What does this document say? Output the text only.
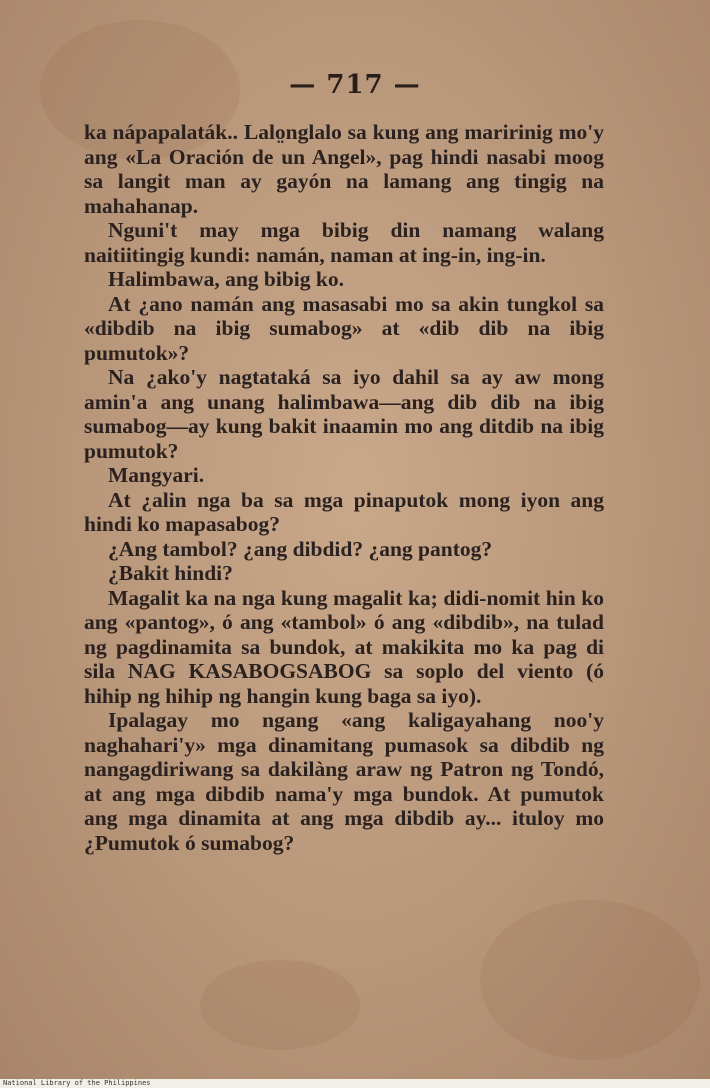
— 717 —

ka nápapalaták.. Lalo̤nglalo sa kung ang maririnig mo'y ang «La Oración de un Angel», pag hindi nasabi moog sa langit man ay gayón na lamang ang tingig na mahahanap.

Nguni't may mga bibig din namang walang naitiitingig kundi: namán, naman at ing-in, ing-in.

Halimbawa, ang bibig ko.

At ¿ano namán ang masasabi mo sa akin tungkol sa «dibdib na ibig sumabog» at «dib dib na ibig pumutok»?

Na ¿ako'y nagtataká sa iyo dahil sa ay aw mong amin'a ang unang halimbawa—ang dib dib na ibig sumabog—ay kung bakit inaamin mo ang ditdib na ibig pumutok?

Mangyari.

At ¿alin nga ba sa mga pinaputok mong iyon ang hindi ko mapasabog?

¿Ang tambol? ¿ang dibdid? ¿ang pantog?

¿Bakit hindi?

Magalit ka na nga kung magalit ka; didi-nomit hin ko ang «pantog», ó ang «tambol» ó ang «dibdib», na tulad ng pagdinamita sa bundok, at makikita mo ka pag di sila NAG KASABOGSABOG sa soplo del viento (ó hihip ng hihip ng hangin kung baga sa iyo).

Ipalagay mo ngang «ang kaligayahang noo'y naghahari'y» mga dinamitang pumasok sa dibdib ng nangagdiriwang sa dakilàng araw ng Patron ng Tondó, at ang mga dibdib nama'y mga bundok. At pumutok ang mga dinamita at ang mga dibdib ay... ituloy mo ¿Pumutok ó sumabog?

National Library of the Philippines
